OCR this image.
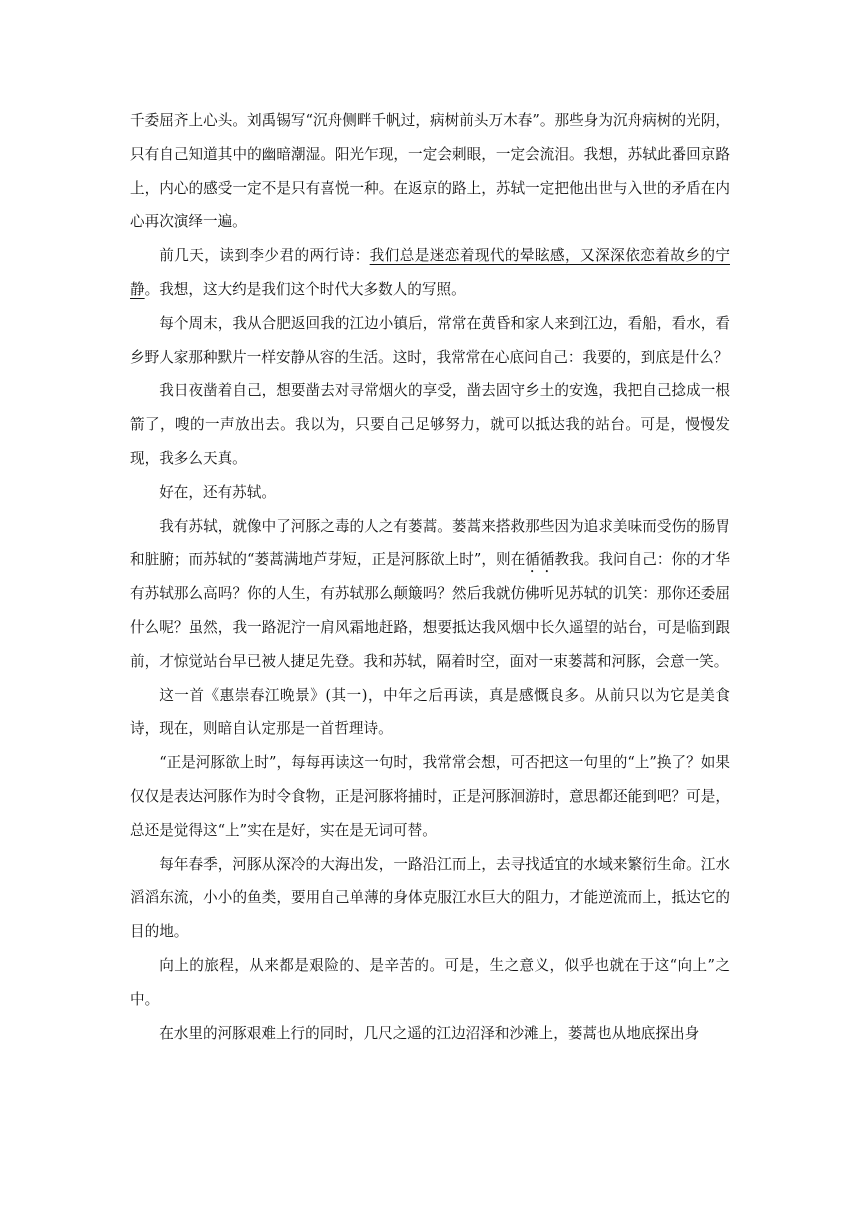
千委屈齐上心头。刘禹锡写“沉舟侧畔千帆过，病树前头万木春”。那些身为沉舟病树的光阴，只有自己知道其中的幽暗潮湿。阳光乍现，一定会刺眼，一定会流泪。我想，苏轼此番回京路上，内心的感受一定不是只有喜悦一种。在返京的路上，苏轼一定把他出世与入世的矛盾在内心再次演绎一遍。

前几天，读到李少君的两行诗：我们总是迷恋着现代的晕眩感，又深深依恋着故乡的宁静。我想，这大约是我们这个时代大多数人的写照。

每个周末，我从合肥返回我的江边小镇后，常常在黄昏和家人来到江边，看船，看水，看乡野人家那种默片一样安静从容的生活。这时，我常常在心底问自己：我要的，到底是什么？

我日夜凿着自己，想要凿去对寻常烟火的享受，凿去固守乡土的安逸，我把自己捻成一根箭了，嗖的一声放出去。我以为，只要自己足够努力，就可以抵达我的站台。可是，慢慢发现，我多么天真。

好在，还有苏轼。

我有苏轼，就像中了河豚之毒的人之有蒌蒿。蒌蒿来搭救那些因为追求美味而受伤的肠胃和脏腑；而苏轼的“蒌蒿满地芦芽短，正是河豚欲上时”，则在循循教我。我问自己：你的才华有苏轼那么高吗？你的人生，有苏轼那么颠簸吗？然后我就仿佛听见苏轼的讥笑：那你还委屈什么呢？虽然，我一路泥泞一肩风霜地赶路，想要抵达我风烟中长久遥望的站台，可是临到跟前，才惊觉站台早已被人捷足先登。我和苏轼，隔着时空，面对一束蒌蒿和河豚，会意一笑。

这一首《惠崇春江晚景》(其一)，中年之后再读，真是感慨良多。从前只以为它是美食诗，现在，则暗自认定那是一首哲理诗。

“正是河豚欲上时”，每每再读这一句时，我常常会想，可否把这一句里的“上”换了？如果仅仅是表达河豚作为时令食物，正是河豚将捕时，正是河豚洄游时，意思都还能到吧？可是，总还是觉得这“上”实在是好，实在是无词可替。

每年春季，河豚从深冷的大海出发，一路沿江而上，去寻找适宜的水域来繁衍生命。江水滔滔东流，小小的鱼类，要用自己单薄的身体克服江水巨大的阻力，才能逆流而上，抵达它的目的地。

向上的旅程，从来都是艰险的、是辛苦的。可是，生之意义，似乎也就在于这“向上”之中。

在水里的河豚艰难上行的同时，几尺之遥的江边沼泽和沙滩上，蒌蒿也从地底探出身
